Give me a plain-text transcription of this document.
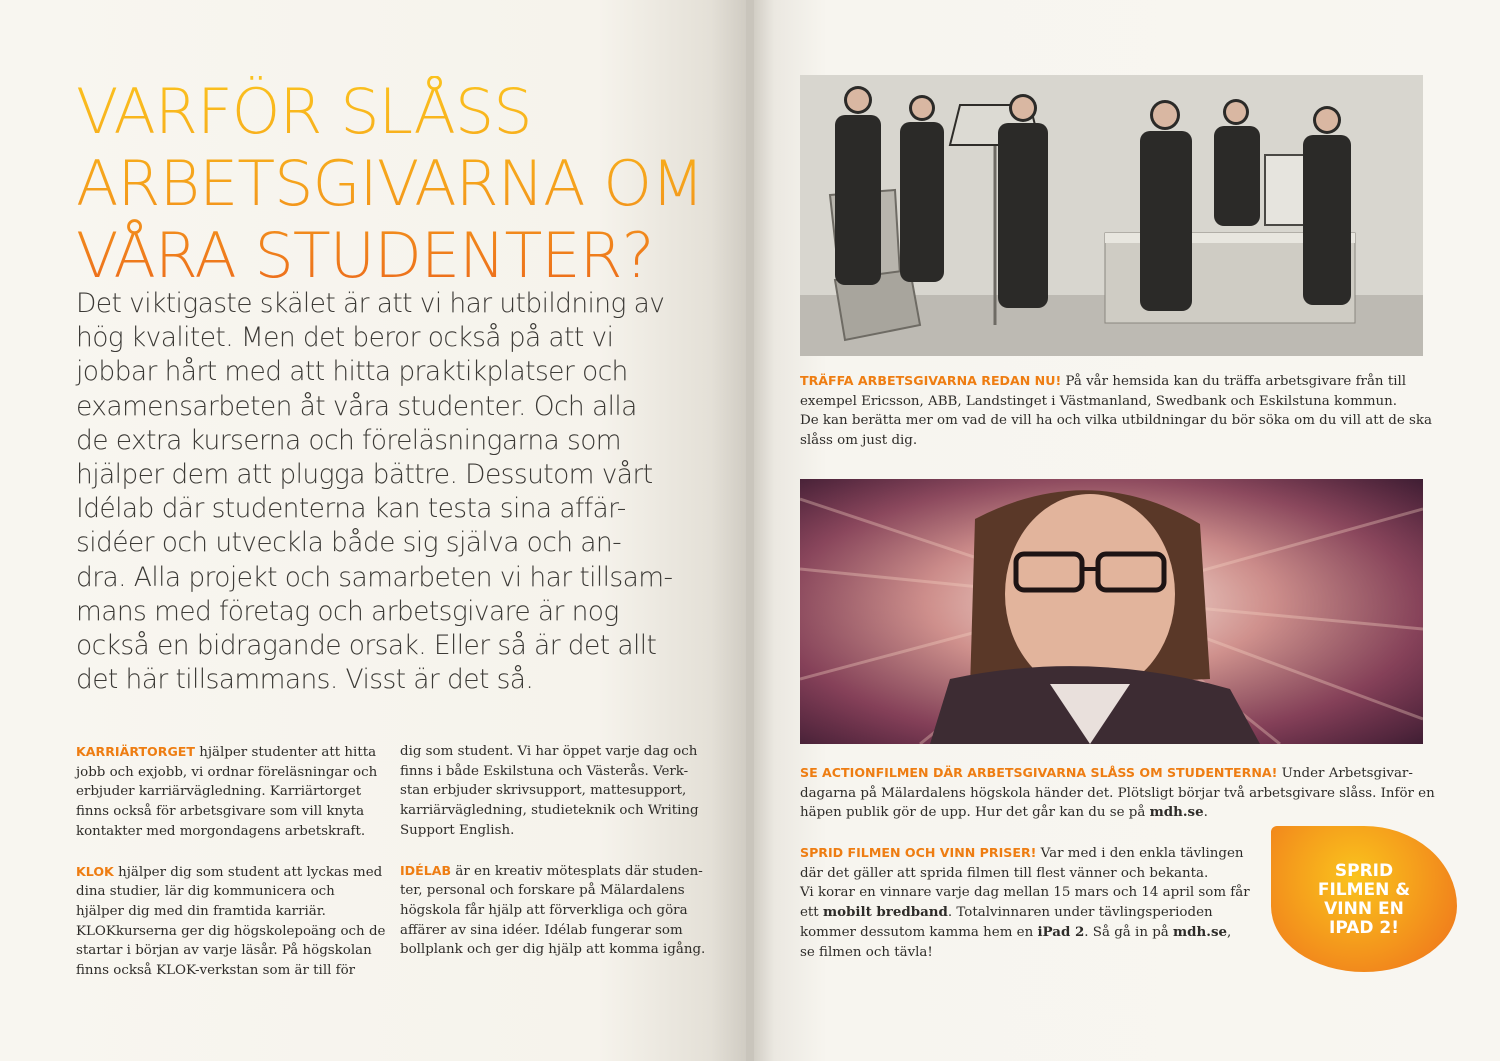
VARFÖR SLÅSS
ARBETSGIVARNA OM
VÅRA STUDENTER?

Det viktigaste skälet är att vi har utbildning av
hög kvalitet. Men det beror också på att vi
jobbar hårt med att hitta praktikplatser och
examensarbeten åt våra studenter. Och alla
de extra kurserna och föreläsningarna som
hjälper dem att plugga bättre. Dessutom vårt
Idélab där studenterna kan testa sina affär-
sidéer och utveckla både sig själva och an-
dra. Alla projekt och samarbeten vi har tillsam-
mans med företag och arbetsgivare är nog
också en bidragande orsak. Eller så är det allt
det här tillsammans. Visst är det så.

KARRIÄRTORGET hjälper studenter att hitta
jobb och exjobb, vi ordnar föreläsningar och
erbjuder karriärvägledning. Karriärtorget
finns också för arbetsgivare som vill knyta
kontakter med morgondagens arbetskraft.

KLOK hjälper dig som student att lyckas med
dina studier, lär dig kommunicera och
hjälper dig med din framtida karriär.
KLOKkurserna ger dig högskolepoäng och de
startar i början av varje läsår. På högskolan
finns också KLOK-verkstan som är till för

dig som student. Vi har öppet varje dag och
finns i både Eskilstuna och Västerås. Verk-
stan erbjuder skrivsupport, mattesupport,
karriärvägledning, studieteknik och Writing
Support English.

IDÉLAB är en kreativ mötesplats där studen-
ter, personal och forskare på Mälardalens
högskola får hjälp att förverkliga och göra
affärer av sina idéer. Idélab fungerar som
bollplank och ger dig hjälp att komma igång.

TRÄFFA ARBETSGIVARNA REDAN NU! På vår hemsida kan du träffa arbetsgivare från till
exempel Ericsson, ABB, Landstinget i Västmanland, Swedbank och Eskilstuna kommun.
De kan berätta mer om vad de vill ha och vilka utbildningar du bör söka om du vill att de ska
slåss om just dig.

SE ACTIONFILMEN DÄR ARBETSGIVARNA SLÅSS OM STUDENTERNA! Under Arbetsgivar-
dagarna på Mälardalens högskola händer det. Plötsligt börjar två arbetsgivare slåss. Inför en
häpen publik gör de upp. Hur det går kan du se på mdh.se.

SPRID FILMEN OCH VINN PRISER! Var med i den enkla tävlingen
där det gäller att sprida filmen till flest vänner och bekanta.
Vi korar en vinnare varje dag mellan 15 mars och 14 april som får
ett mobilt bredband. Totalvinnaren under tävlingsperioden
kommer dessutom kamma hem en iPad 2. Så gå in på mdh.se,
se filmen och tävla!

SPRID
FILMEN &
VINN EN
IPAD 2!
